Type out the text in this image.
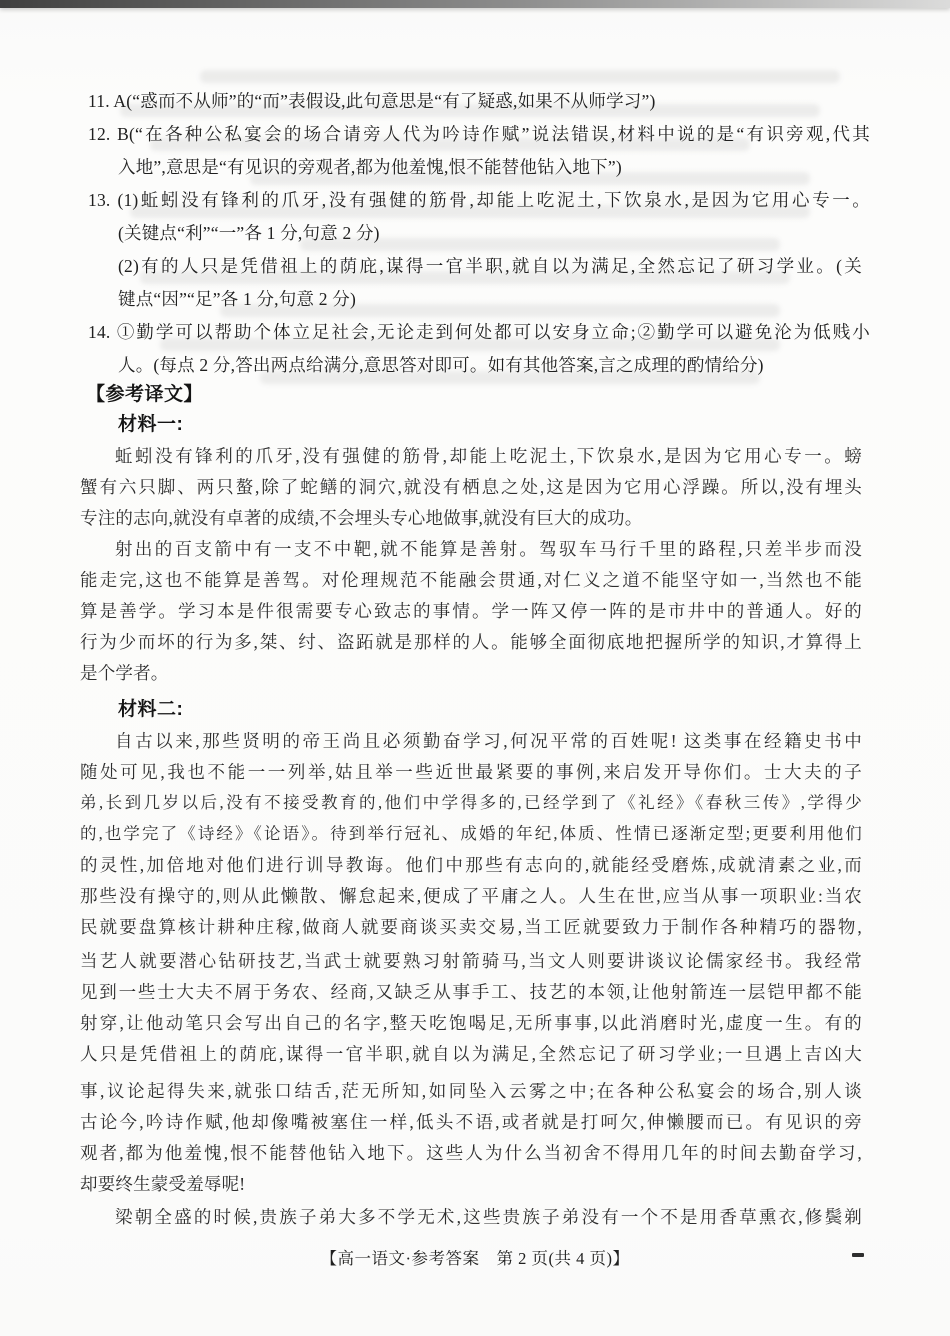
11. A(“惑而不从师”的“而”表假设,此句意思是“有了疑惑,如果不从师学习”)
12. B(“在各种公私宴会的场合请旁人代为吟诗作赋”说法错误,材料中说的是“有识旁观,代其
入地”,意思是“有见识的旁观者,都为他羞愧,恨不能替他钻入地下”)
13. (1)蚯蚓没有锋利的爪牙,没有强健的筋骨,却能上吃泥土,下饮泉水,是因为它用心专一。
(关键点“利”“一”各 1 分,句意 2 分)
(2)有的人只是凭借祖上的荫庇,谋得一官半职,就自以为满足,全然忘记了研习学业。(关
键点“因”“足”各 1 分,句意 2 分)
14. ①勤学可以帮助个体立足社会,无论走到何处都可以安身立命;②勤学可以避免沦为低贱小
人。(每点 2 分,答出两点给满分,意思答对即可。如有其他答案,言之成理的酌情给分)
【参考译文】
材料一:
蚯蚓没有锋利的爪牙,没有强健的筋骨,却能上吃泥土,下饮泉水,是因为它用心专一。螃
蟹有六只脚、两只螯,除了蛇鳝的洞穴,就没有栖息之处,这是因为它用心浮躁。所以,没有埋头
专注的志向,就没有卓著的成绩,不会埋头专心地做事,就没有巨大的成功。
射出的百支箭中有一支不中靶,就不能算是善射。驾驭车马行千里的路程,只差半步而没
能走完,这也不能算是善驾。对伦理规范不能融会贯通,对仁义之道不能坚守如一,当然也不能
算是善学。学习本是件很需要专心致志的事情。学一阵又停一阵的是市井中的普通人。好的
行为少而坏的行为多,桀、纣、盗跖就是那样的人。能够全面彻底地把握所学的知识,才算得上
是个学者。
材料二:
自古以来,那些贤明的帝王尚且必须勤奋学习,何况平常的百姓呢! 这类事在经籍史书中
随处可见,我也不能一一列举,姑且举一些近世最紧要的事例,来启发开导你们。士大夫的子
弟,长到几岁以后,没有不接受教育的,他们中学得多的,已经学到了《礼经》《春秋三传》,学得少
的,也学完了《诗经》《论语》。待到举行冠礼、成婚的年纪,体质、性情已逐渐定型;更要利用他们
的灵性,加倍地对他们进行训导教诲。他们中那些有志向的,就能经受磨炼,成就清素之业,而
那些没有操守的,则从此懒散、懈怠起来,便成了平庸之人。人生在世,应当从事一项职业:当农
民就要盘算核计耕种庄稼,做商人就要商谈买卖交易,当工匠就要致力于制作各种精巧的器物,
当艺人就要潜心钻研技艺,当武士就要熟习射箭骑马,当文人则要讲谈议论儒家经书。我经常
见到一些士大夫不屑于务农、经商,又缺乏从事手工、技艺的本领,让他射箭连一层铠甲都不能
射穿,让他动笔只会写出自己的名字,整天吃饱喝足,无所事事,以此消磨时光,虚度一生。有的
人只是凭借祖上的荫庇,谋得一官半职,就自以为满足,全然忘记了研习学业;一旦遇上吉凶大
事,议论起得失来,就张口结舌,茫无所知,如同坠入云雾之中;在各种公私宴会的场合,别人谈
古论今,吟诗作赋,他却像嘴被塞住一样,低头不语,或者就是打呵欠,伸懒腰而已。有见识的旁
观者,都为他羞愧,恨不能替他钻入地下。这些人为什么当初舍不得用几年的时间去勤奋学习,
却要终生蒙受羞辱呢!
梁朝全盛的时候,贵族子弟大多不学无术,这些贵族子弟没有一个不是用香草熏衣,修鬓剃
【高一语文·参考答案　第 2 页(共 4 页)】
